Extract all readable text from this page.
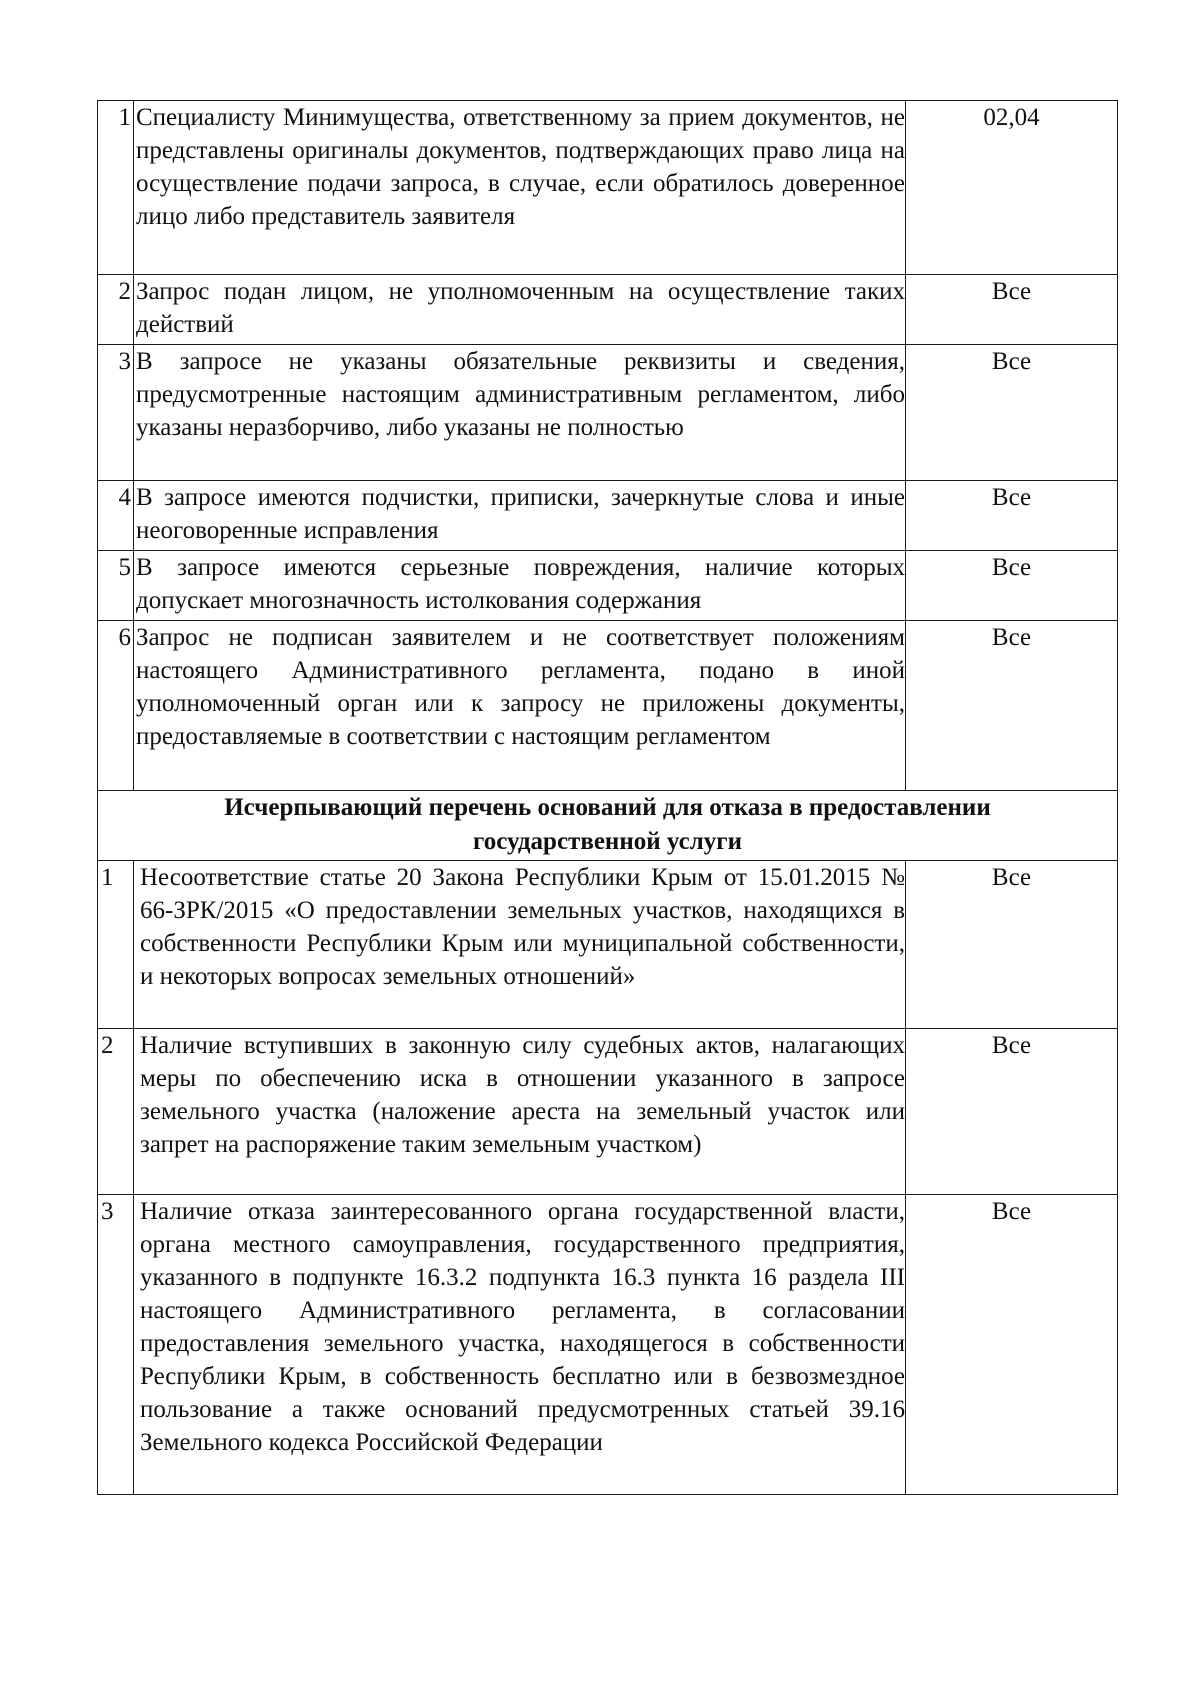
1	Специалисту Минимущества, ответственному за прием документов, не представлены оригиналы документов, подтверждающих право лица на осуществление подачи запроса, в случае, если обратилось доверенное лицо либо представитель заявителя	02,04
2	Запрос подан лицом, не уполномоченным на осуществление таких действий	Все
3	В запросе не указаны обязательные реквизиты и сведения, предусмотренные настоящим административным регламентом, либо указаны неразборчиво, либо указаны не полностью	Все
4	В запросе имеются подчистки, приписки, зачеркнутые слова и иные неоговоренные исправления	Все
5	В запросе имеются серьезные повреждения, наличие которых допускает многозначность истолкования содержания	Все
6	Запрос не подписан заявителем и не соответствует положениям настоящего Административного регламента, подано в иной уполномоченный орган или к запросу не приложены документы, предоставляемые в соответствии с настоящим регламентом	Все
Исчерпывающий перечень оснований для отказа в предоставлении государственной услуги		
1	Несоответствие статье 20 Закона Республики Крым от 15.01.2015 № 66-ЗРК/2015 «О предоставлении земельных участков, находящихся в собственности Республики Крым или муниципальной собственности, и некоторых вопросах земельных отношений»	Все
2	Наличие вступивших в законную силу судебных актов, налагающих меры по обеспечению иска в отношении указанного в запросе земельного участка (наложение ареста на земельный участок или запрет на распоряжение таким земельным участком)	Все
3	Наличие отказа заинтересованного органа государственной власти, органа местного самоуправления, государственного предприятия, указанного в подпункте 16.3.2 подпункта 16.3 пункта 16 раздела III настоящего Административного регламента, в согласовании предоставления земельного участка, находящегося в собственности Республики Крым, в собственность бесплатно или в безвозмездное пользование а также оснований предусмотренных статьей 39.16 Земельного кодекса Российской Федерации	Все
